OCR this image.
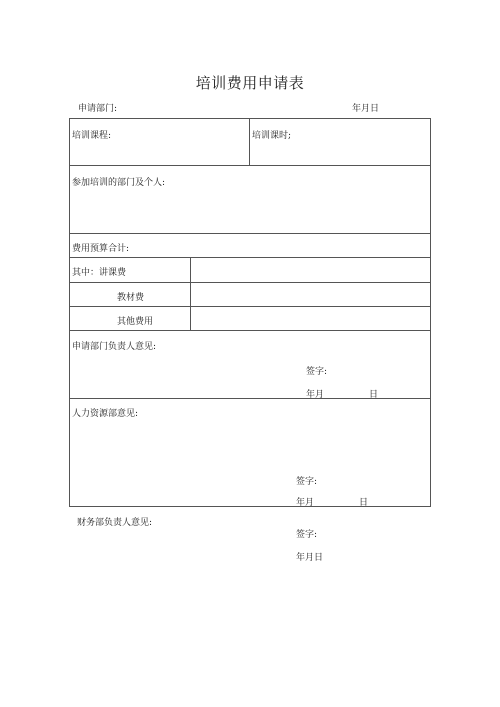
培训费用申请表
申请部门:	年月日
培训课程:	培训课时;
参加培训的部门及个人:
费用预算合计:
其中：讲课费
教材费
其他费用
申请部门负责人意见:
签字:
年月	日
人力资源部意见:
签字:
年月	日
财务部负责人意见:
签字:
年月日
